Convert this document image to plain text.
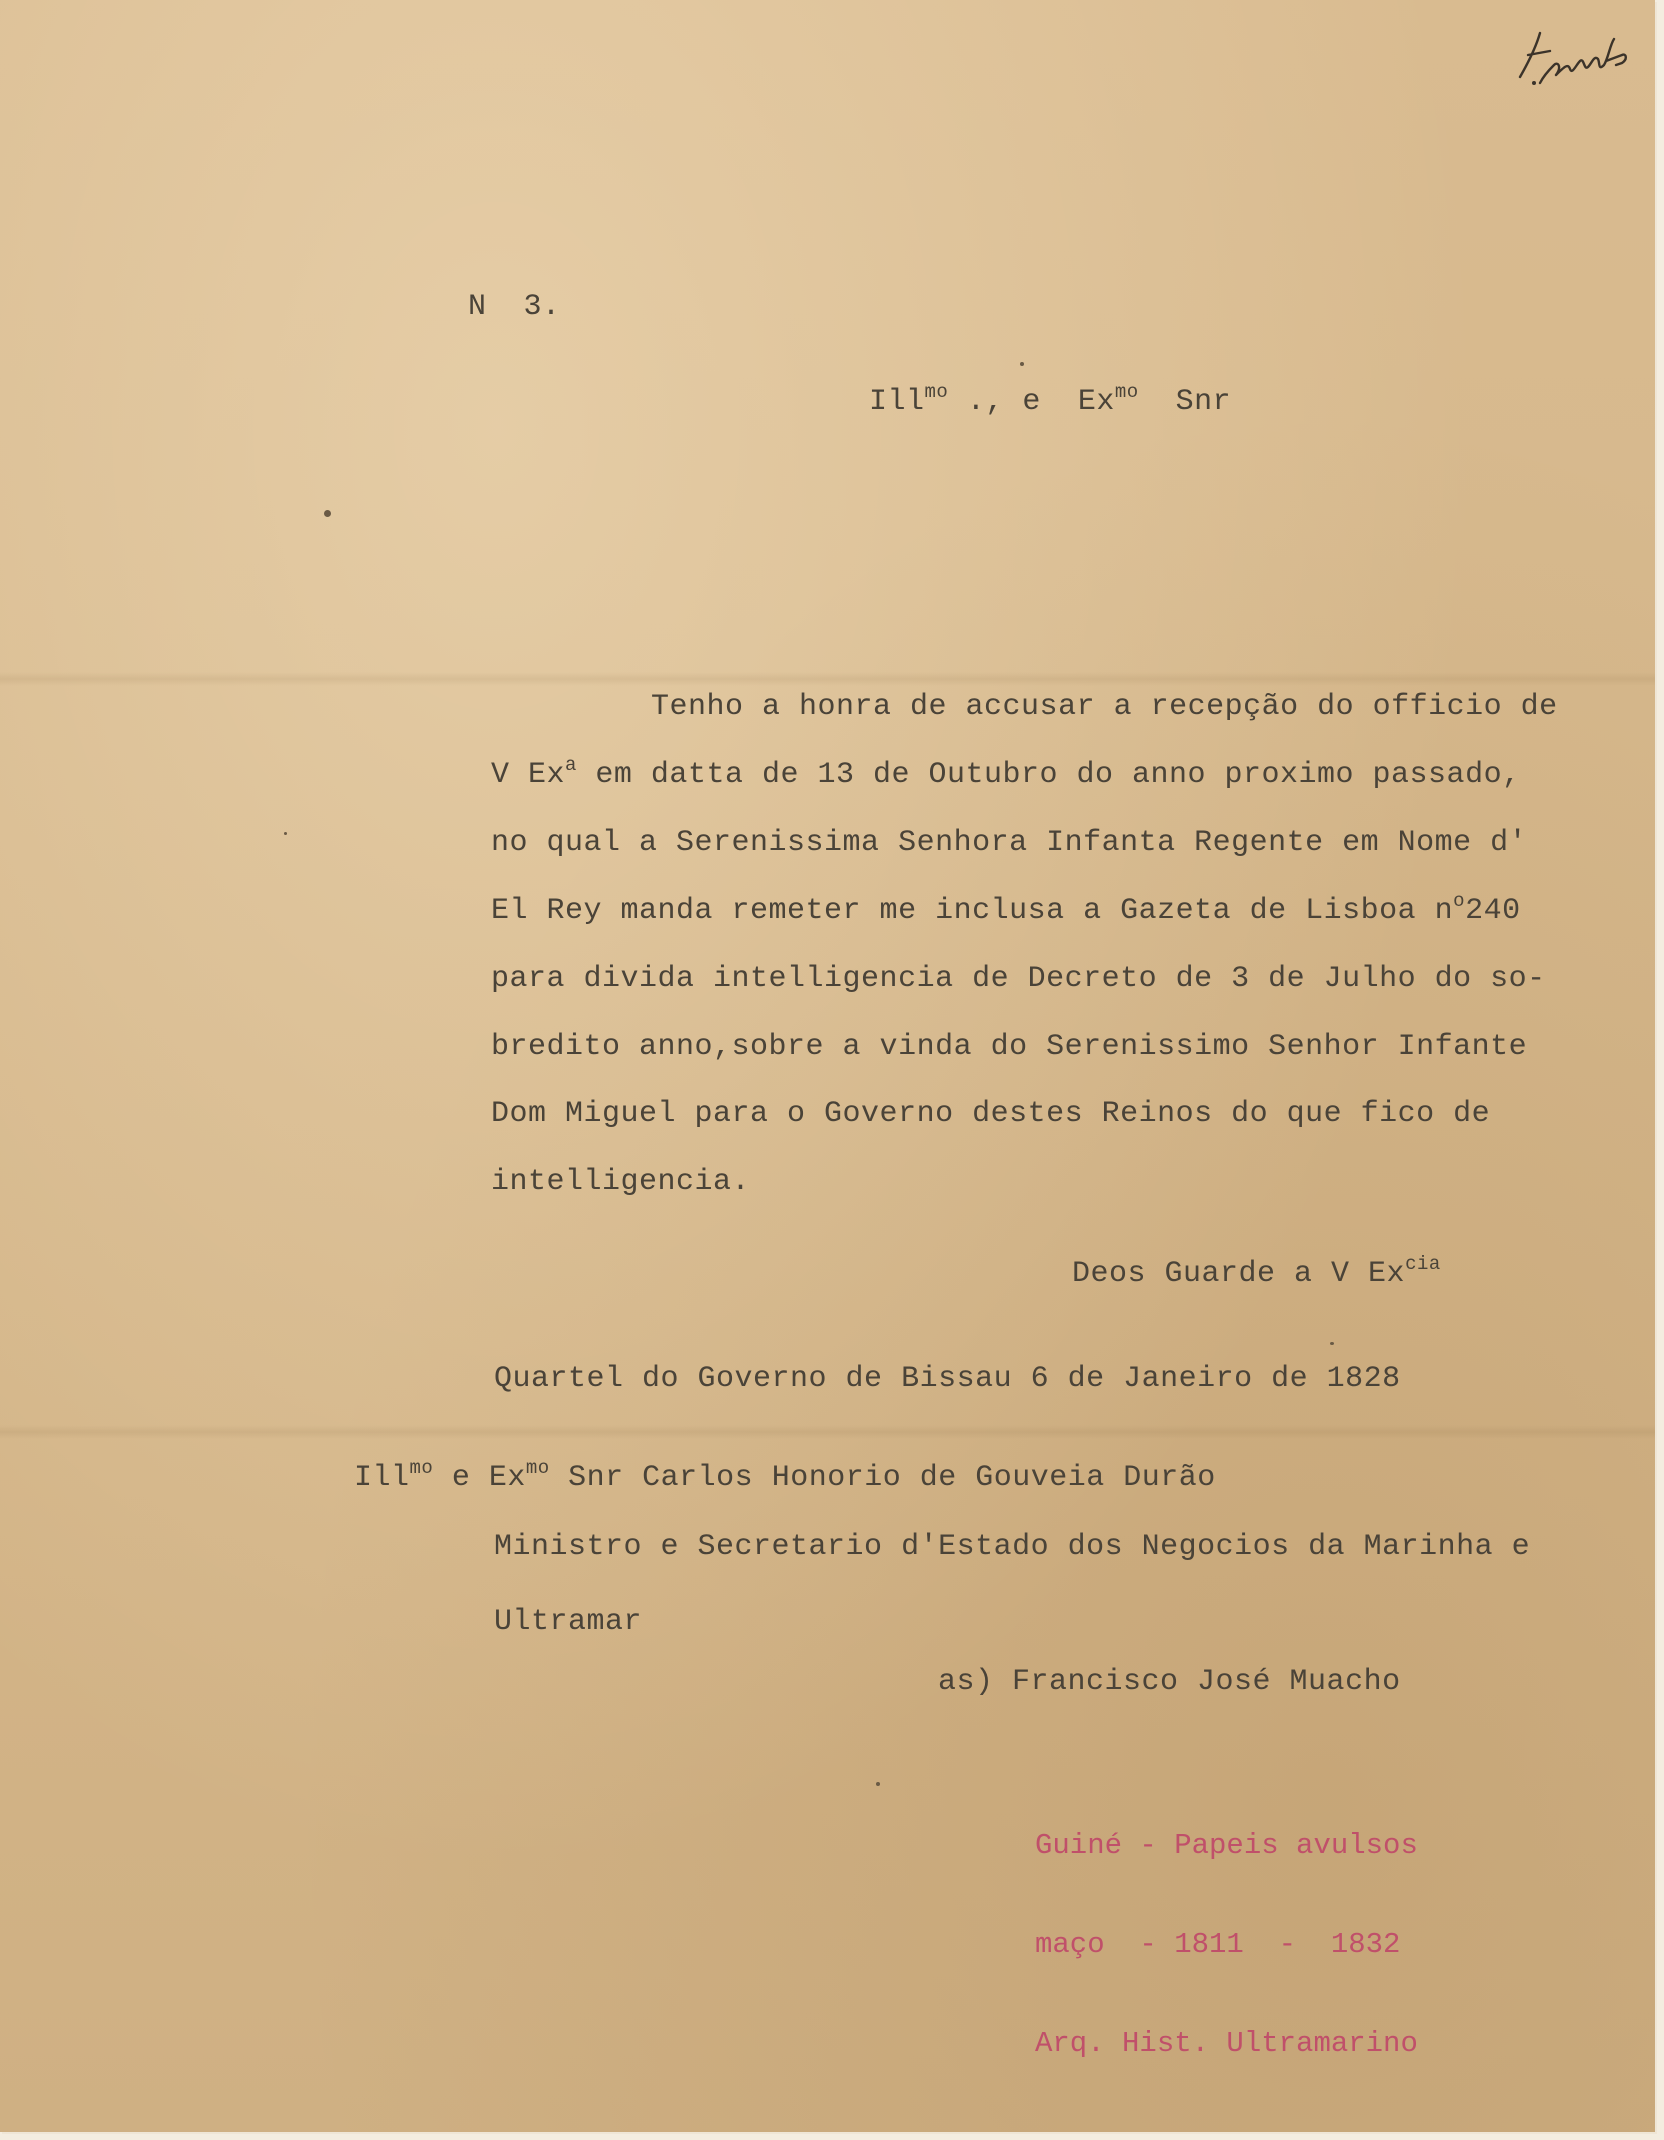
N  3.
Ill$^{mo}$ ., e  $Ex^{mo}$  Snr
Tenho a honra de accusar a recepção do officio de
V Ex$^a$ em datta de 13 de Outubro do anno proximo passado,
no qual a Serenissima Senhora Infanta Regente em Nome d'
El Rey manda remeter me inclusa a Gazeta de Lisboa $n^o240$
para divida intelligencia de Decreto de 3 de Julho do so-
bredito anno,sobre a vinda do Serenissimo Senhor Infante
Dom Miguel para o Governo destes Reinos do que fico de
intelligencia.
Deos Guarde a V $Ex^{cia}$
Quartel do Governo de Bissau 6 de Janeiro de 1828
Ill$^{mo}$ e $Ex^{mo}$ Snr Carlos Honorio de Gouveia Durão
Ministro e Secretario d'Estado dos Negocios da Marinha e
Ultramar
as) Francisco José Muacho

Guiné - Papeis avulsos

maço  - 1811  -  1832

Arq. Hist. Ultramarino
